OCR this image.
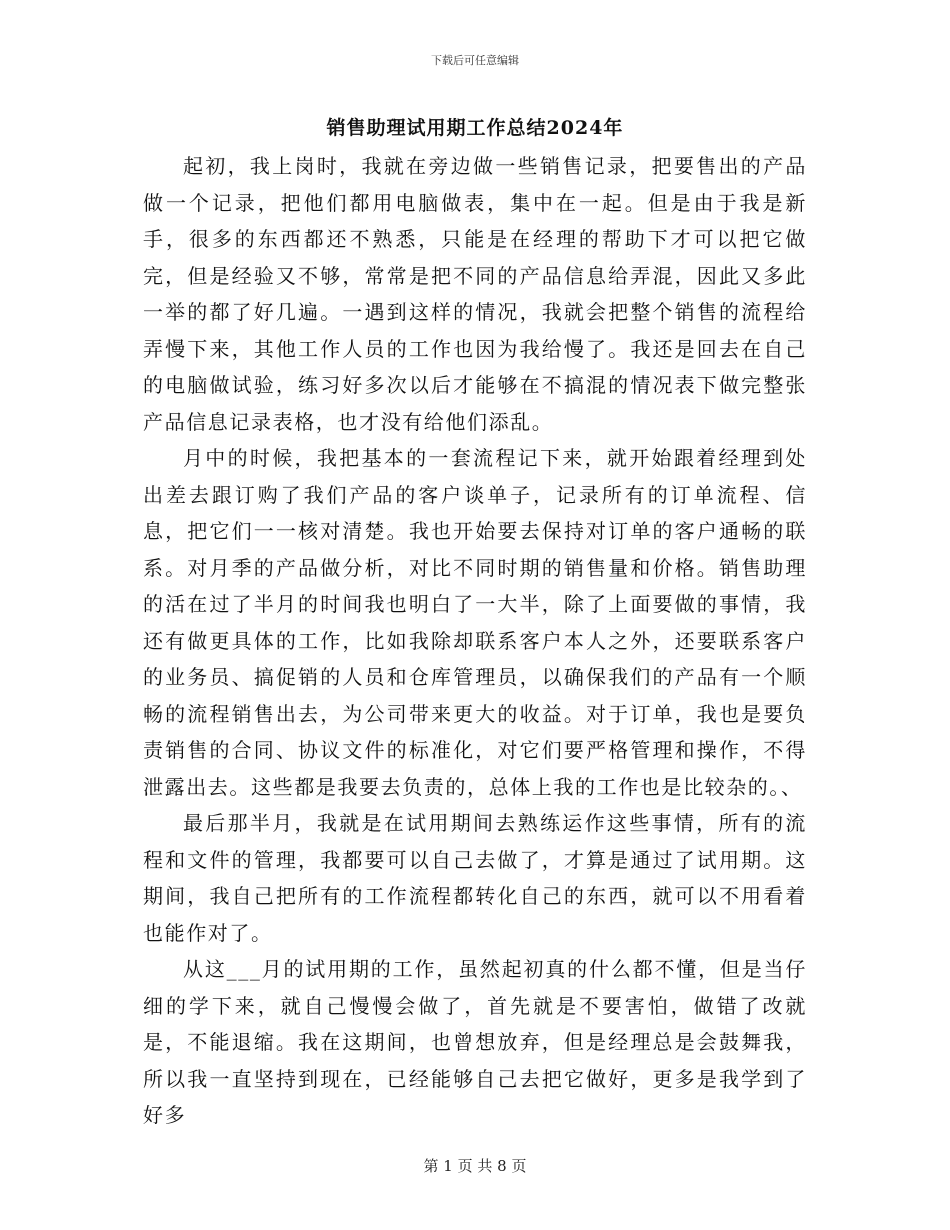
下载后可任意编辑
销售助理试用期工作总结2024年

起初，我上岗时，我就在旁边做一些销售记录，把要售出的产品做一个记录，把他们都用电脑做表，集中在一起。但是由于我是新手，很多的东西都还不熟悉，只能是在经理的帮助下才可以把它做完，但是经验又不够，常常是把不同的产品信息给弄混，因此又多此一举的都了好几遍。一遇到这样的情况，我就会把整个销售的流程给弄慢下来，其他工作人员的工作也因为我给慢了。我还是回去在自己的电脑做试验，练习好多次以后才能够在不搞混的情况表下做完整张产品信息记录表格，也才没有给他们添乱。

月中的时候，我把基本的一套流程记下来，就开始跟着经理到处出差去跟订购了我们产品的客户谈单子，记录所有的订单流程、信息，把它们一一核对清楚。我也开始要去保持对订单的客户通畅的联系。对月季的产品做分析，对比不同时期的销售量和价格。销售助理的活在过了半月的时间我也明白了一大半，除了上面要做的事情，我还有做更具体的工作，比如我除却联系客户本人之外，还要联系客户的业务员、搞促销的人员和仓库管理员，以确保我们的产品有一个顺畅的流程销售出去，为公司带来更大的收益。对于订单，我也是要负责销售的合同、协议文件的标准化，对它们要严格管理和操作，不得泄露出去。这些都是我要去负责的，总体上我的工作也是比较杂的。、

最后那半月，我就是在试用期间去熟练运作这些事情，所有的流程和文件的管理，我都要可以自己去做了，才算是通过了试用期。这期间，我自己把所有的工作流程都转化自己的东西，就可以不用看着也能作对了。

从这___月的试用期的工作，虽然起初真的什么都不懂，但是当仔细的学下来，就自己慢慢会做了，首先就是不要害怕，做错了改就是，不能退缩。我在这期间，也曾想放弃，但是经理总是会鼓舞我，所以我一直坚持到现在，已经能够自己去把它做好，更多是我学到了好多

第 1 页 共 8 页
